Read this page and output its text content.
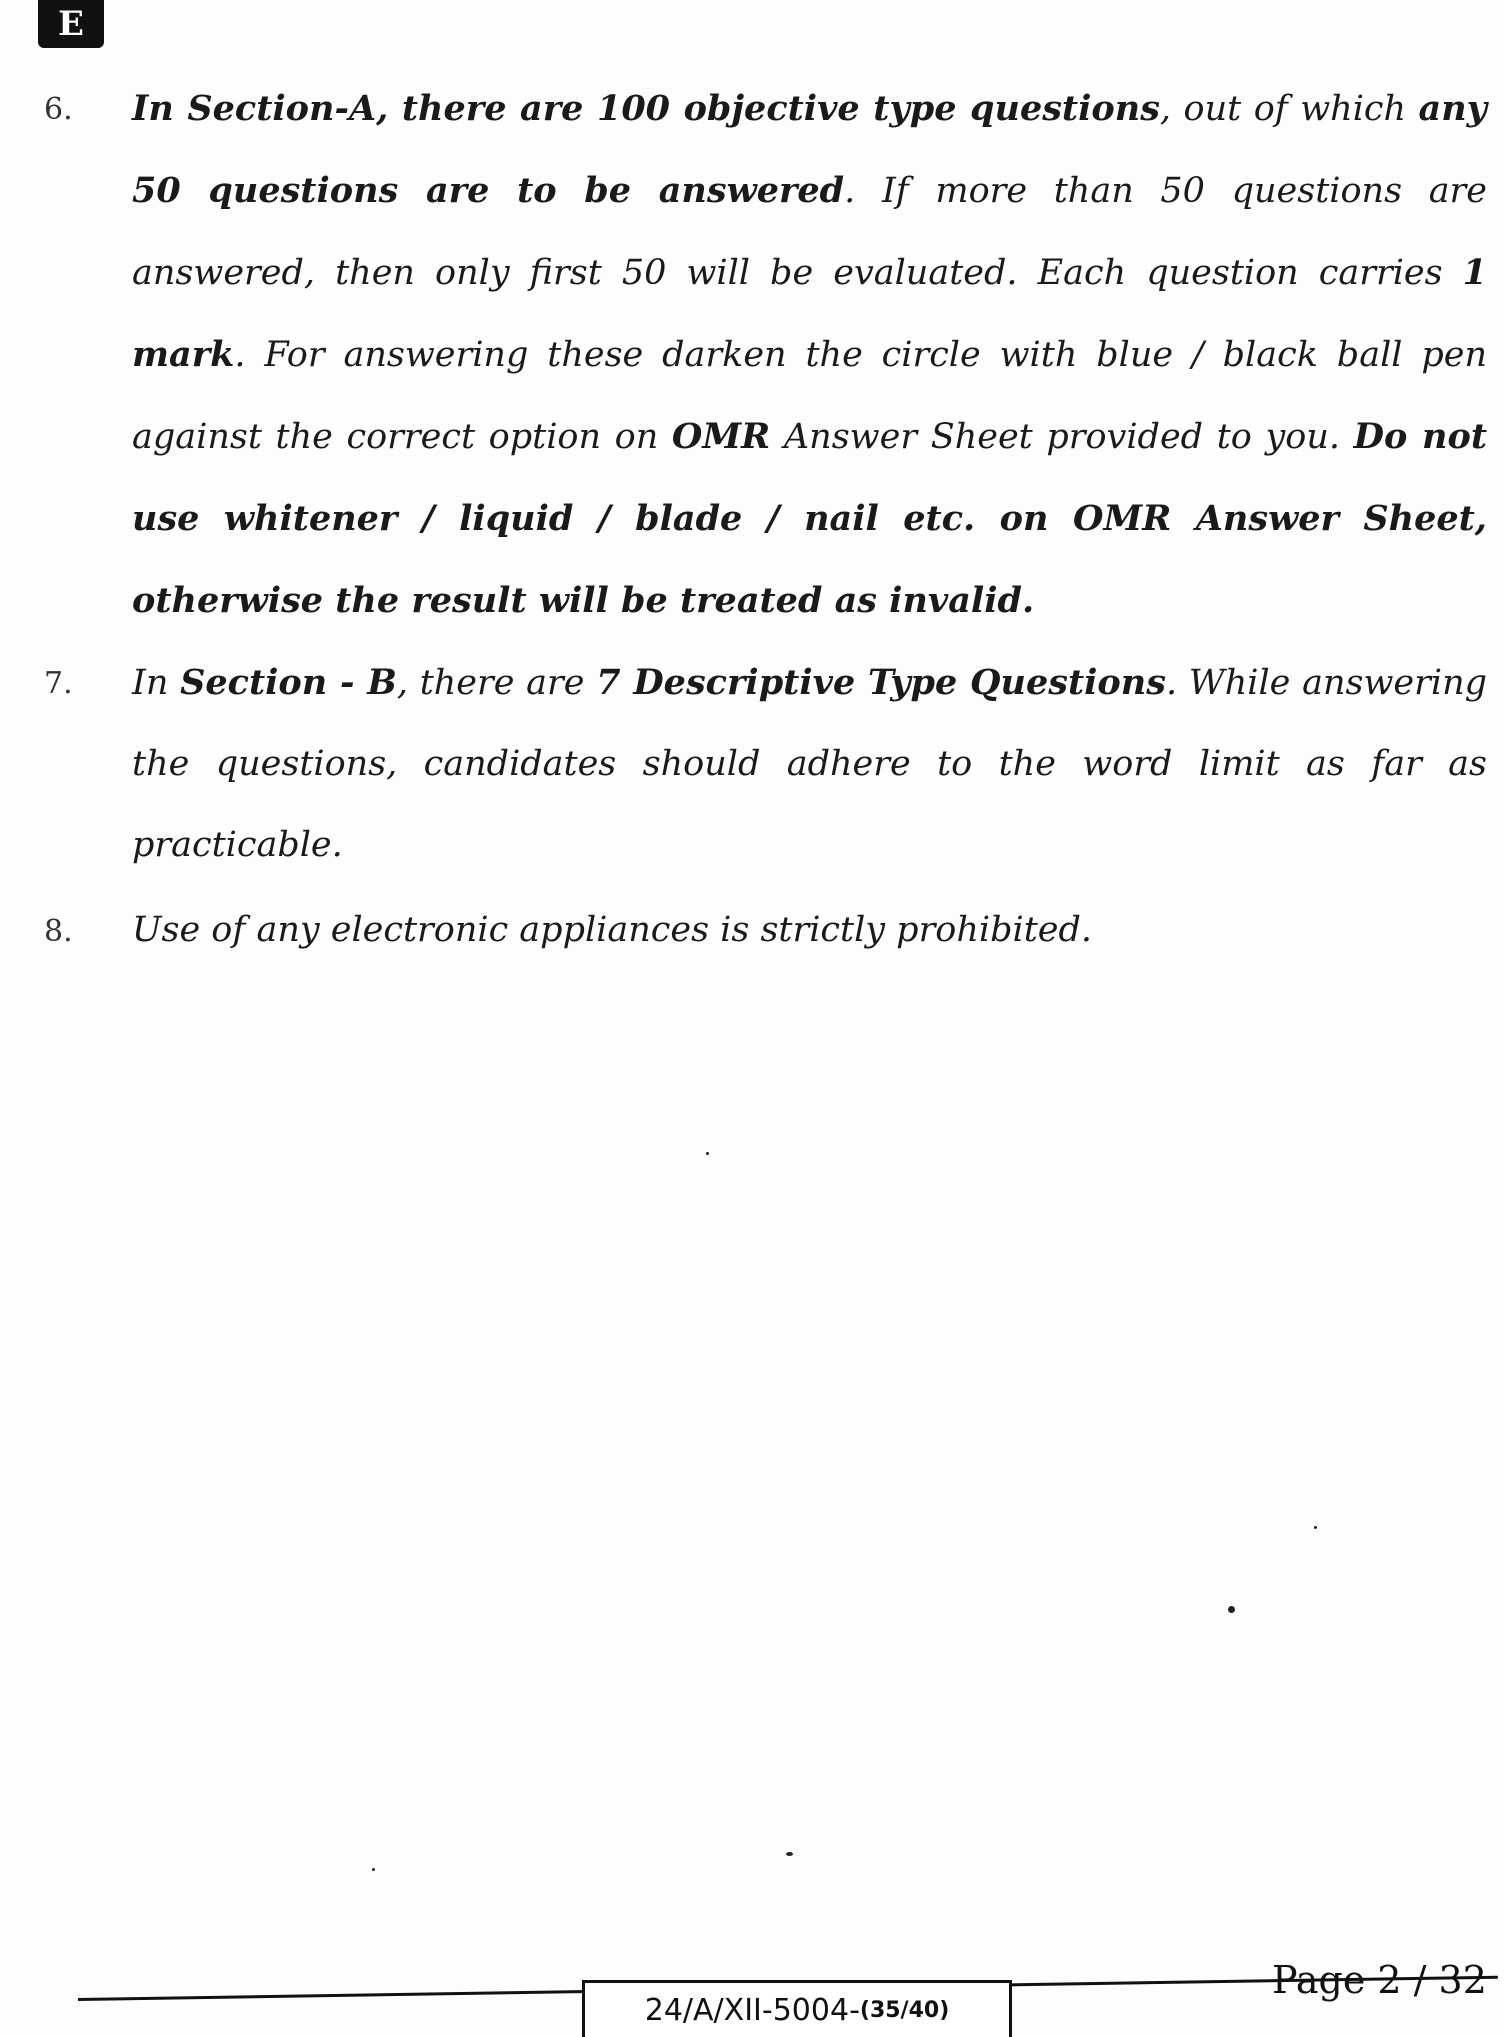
E
6. In Section-A, there are 100 objective type questions, out of which any 50 questions are to be answered. If more than 50 questions are answered, then only first 50 will be evaluated. Each question carries 1 mark. For answering these darken the circle with blue / black ball pen against the correct option on OMR Answer Sheet provided to you. Do not use whitener / liquid / blade / nail etc. on OMR Answer Sheet, otherwise the result will be treated as invalid.
7. In Section - B, there are 7 Descriptive Type Questions. While answering the questions, candidates should adhere to the word limit as far as practicable.
8. Use of any electronic appliances is strictly prohibited.
24/A/XII-5004- (35/40)
Page 2 / 32
